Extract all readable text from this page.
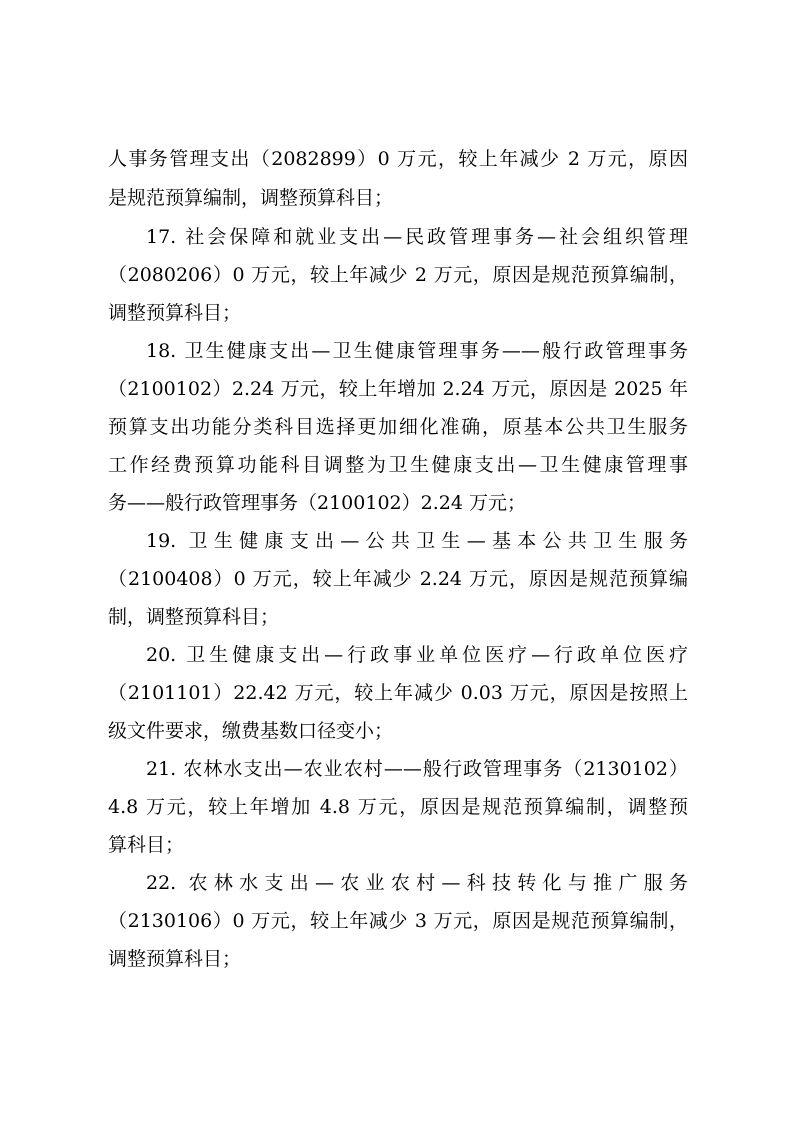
人事务管理支出（2082899）0 万元，较上年减少 2 万元，原因
是规范预算编制，调整预算科目；
17. 社会保障和就业支出—民政管理事务—社会组织管理
（2080206）0 万元，较上年减少 2 万元，原因是规范预算编制，
调整预算科目；
18. 卫生健康支出—卫生健康管理事务——般行政管理事务
（2100102）2.24 万元，较上年增加 2.24 万元，原因是 2025 年
预算支出功能分类科目选择更加细化准确，原基本公共卫生服务
工作经费预算功能科目调整为卫生健康支出—卫生健康管理事
务——般行政管理事务（2100102）2.24 万元；
19. 卫生健康支出—公共卫生—基本公共卫生服务
（2100408）0 万元，较上年减少 2.24 万元，原因是规范预算编
制，调整预算科目；
20. 卫生健康支出—行政事业单位医疗—行政单位医疗
（2101101）22.42 万元，较上年减少 0.03 万元，原因是按照上
级文件要求，缴费基数口径变小；
21. 农林水支出—农业农村——般行政管理事务（2130102）
4.8 万元，较上年增加 4.8 万元，原因是规范预算编制，调整预
算科目；
22. 农林水支出—农业农村—科技转化与推广服务
（2130106）0 万元，较上年减少 3 万元，原因是规范预算编制，
调整预算科目；
